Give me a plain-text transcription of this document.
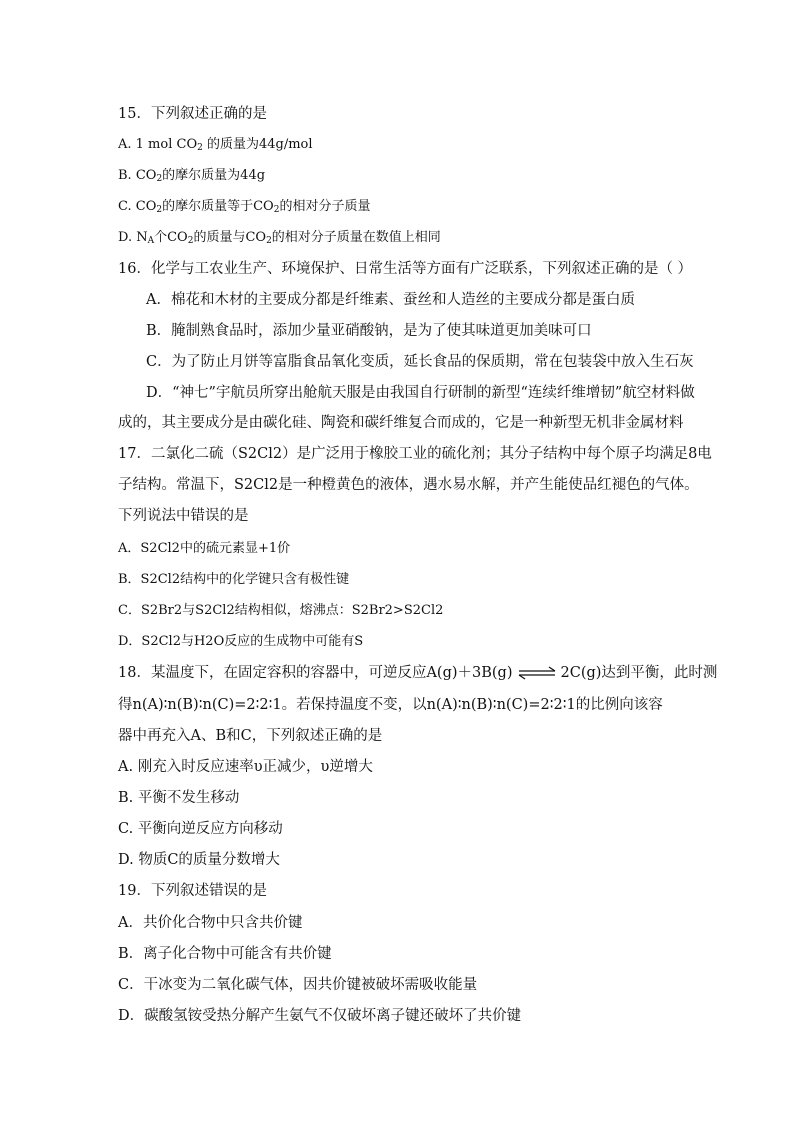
15．下列叙述正确的是
A. 1 mol $CO_2$ 的质量为44g/mol
B. $CO_2$的摩尔质量为44g
C. $CO_2$的摩尔质量等于$CO_2$的相对分子质量
D. $N_A$个$CO_2$的质量与$CO_2$的相对分子质量在数值上相同
16．化学与工农业生产、环境保护、日常生活等方面有广泛联系，下列叙述正确的是（ ）
A．棉花和木材的主要成分都是纤维素、蚕丝和人造丝的主要成分都是蛋白质
B．腌制熟食品时，添加少量亚硝酸钠，是为了使其味道更加美味可口
C．为了防止月饼等富脂食品氧化变质，延长食品的保质期，常在包装袋中放入生石灰
D．“神七”宇航员所穿出舱航天服是由我国自行研制的新型“连续纤维增韧”航空材料做
成的，其主要成分是由碳化硅、陶瓷和碳纤维复合而成的，它是一种新型无机非金属材料
17．二氯化二硫（S2Cl2）是广泛用于橡胶工业的硫化剂；其分子结构中每个原子均满足8电
子结构。常温下，S2Cl2是一种橙黄色的液体，遇水易水解，并产生能使品红褪色的气体。
下列说法中错误的是
A．S2Cl2中的硫元素显+1价
B．S2Cl2结构中的化学键只含有极性键
C．S2Br2与S2Cl2结构相似，熔沸点：S2Br2>S2Cl2
D．S2Cl2与H2O反应的生成物中可能有S
18．某温度下，在固定容积的容器中，可逆反应A(g)＋3B(g) ⇌ 2C(g)达到平衡，此时测
得n(A)∶n(B)∶n(C)=2∶2∶1。若保持温度不变，以n(A)∶n(B)∶n(C)=2∶2∶1的比例向该容
器中再充入A、B和C，下列叙述正确的是
A. 刚充入时反应速率υ正减少，υ逆增大
B. 平衡不发生移动
C. 平衡向逆反应方向移动
D. 物质C的质量分数增大
19．下列叙述错误的是
A．共价化合物中只含共价键
B．离子化合物中可能含有共价键
C．干冰变为二氧化碳气体，因共价键被破坏需吸收能量
D．碳酸氢铵受热分解产生氨气不仅破坏离子键还破坏了共价键
